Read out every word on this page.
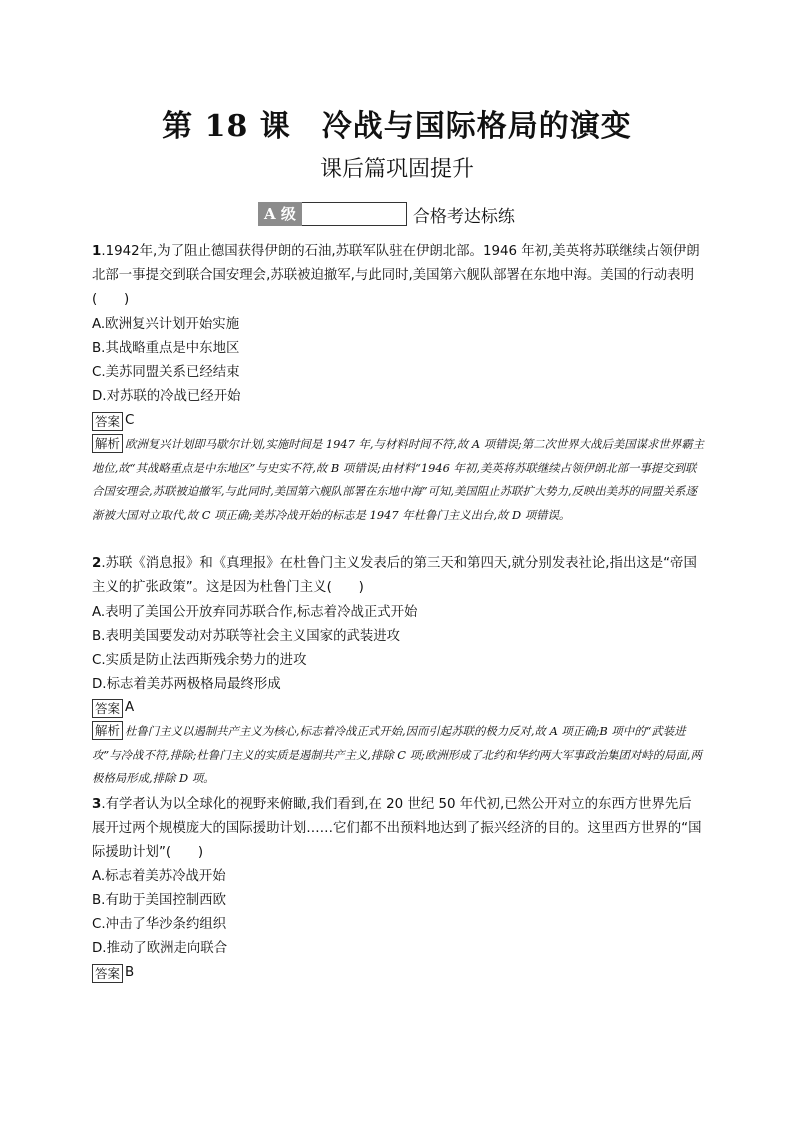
第 18 课　冷战与国际格局的演变
课后篇巩固提升
A 级	合格考达标练
1.1942年,为了阻止德国获得伊朗的石油,苏联军队驻在伊朗北部。1946 年初,美英将苏联继续占领伊朗北部一事提交到联合国安理会,苏联被迫撤军,与此同时,美国第六舰队部署在东地中海。美国的行动表明(　　)
A.欧洲复兴计划开始实施
B.其战略重点是中东地区
C.美苏同盟关系已经结束
D.对苏联的冷战已经开始
答案 C
解析 欧洲复兴计划即马歇尔计划,实施时间是 1947 年,与材料时间不符,故 A 项错误;第二次世界大战后美国谋求世界霸主地位,故“其战略重点是中东地区”与史实不符,故 B 项错误;由材料“1946 年初,美英将苏联继续占领伊朗北部一事提交到联合国安理会,苏联被迫撤军,与此同时,美国第六舰队部署在东地中海”可知,美国阻止苏联扩大势力,反映出美苏的同盟关系逐渐被大国对立取代,故 C 项正确;美苏冷战开始的标志是 1947 年杜鲁门主义出台,故 D 项错误。
2.苏联《消息报》和《真理报》在杜鲁门主义发表后的第三天和第四天,就分别发表社论,指出这是“帝国主义的扩张政策”。这是因为杜鲁门主义(　　)
A.表明了美国公开放弃同苏联合作,标志着冷战正式开始
B.表明美国要发动对苏联等社会主义国家的武装进攻
C.实质是防止法西斯残余势力的进攻
D.标志着美苏两极格局最终形成
答案 A
解析 杜鲁门主义以遏制共产主义为核心,标志着冷战正式开始,因而引起苏联的极力反对,故 A 项正确;B 项中的“武装进攻”与冷战不符,排除;杜鲁门主义的实质是遏制共产主义,排除 C 项;欧洲形成了北约和华约两大军事政治集团对峙的局面,两极格局形成,排除 D 项。
3.有学者认为以全球化的视野来俯瞰,我们看到,在 20 世纪 50 年代初,已然公开对立的东西方世界先后展开过两个规模庞大的国际援助计划……它们都不出预料地达到了振兴经济的目的。这里西方世界的“国际援助计划”(　　)
A.标志着美苏冷战开始
B.有助于美国控制西欧
C.冲击了华沙条约组织
D.推动了欧洲走向联合
答案 B
